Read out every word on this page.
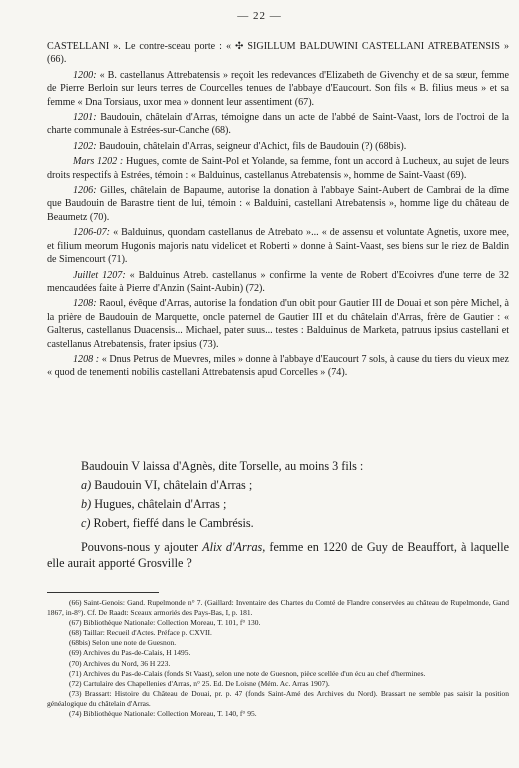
— 22 —

CASTELLANI ». Le contre-sceau porte : « ✣ SIGILLUM BALDUWINI CASTELLANI ATREBATENSIS » (66).

1200: « B. castellanus Attrebatensis » reçoit les redevances d'Elizabeth de Givenchy et de sa sœur, femme de Pierre Berloin sur leurs terres de Courcelles tenues de l'abbaye d'Eaucourt. Son fils « B. filius meus » et sa femme « Dna Torsiaus, uxor mea » donnent leur assentiment (67).

1201: Baudouin, châtelain d'Arras, témoigne dans un acte de l'abbé de Saint-Vaast, lors de l'octroi de la charte communale à Estrées-sur-Canche (68).

1202: Baudouin, châtelain d'Arras, seigneur d'Achict, fils de Baudouin (?) (68bis).

Mars 1202 : Hugues, comte de Saint-Pol et Yolande, sa femme, font un accord à Lucheux, au sujet de leurs droits respectifs à Estrées, témoin : « Balduinus, castellanus Atrebatensis », homme de Saint-Vaast (69).

1206: Gilles, châtelain de Bapaume, autorise la donation à l'abbaye Saint-Aubert de Cambrai de la dîme que Baudouin de Barastre tient de lui, témoin : « Balduini, castellani Atrebatensis », homme lige du château de Beaumetz (70).

1206-07: « Balduinus, quondam castellanus de Atrebato »... « de assensu et voluntate Agnetis, uxore mee, et filium meorum Hugonis majoris natu videlicet et Roberti » donne à Saint-Vaast, ses biens sur le riez de Baldin de Simencourt (71).

Juillet 1207: « Balduinus Atreb. castellanus » confirme la vente de Robert d'Ecoivres d'une terre de 32 mencaudées faite à Pierre d'Anzin (Saint-Aubin) (72).

1208: Raoul, évêque d'Arras, autorise la fondation d'un obit pour Gautier III de Douai et son père Michel, à la prière de Baudouin de Marquette, oncle paternel de Gautier III et du châtelain d'Arras, frère de Gautier : « Galterus, castellanus Duacensis... Michael, pater suus... testes : Balduinus de Marketa, patruus ipsius castellani et castellanus Atrebatensis, frater ipsius (73).

1208 : « Dnus Petrus de Muevres, miles » donne à l'abbaye d'Eaucourt 7 sols, à cause du tiers du vieux mez « quod de tenementi nobilis castellani Attrebatensis apud Corcelles » (74).

Baudouin V laissa d'Agnès, dite Torselle, au moins 3 fils :

a) Baudouin VI, châtelain d'Arras ;
b) Hugues, châtelain d'Arras ;
c) Robert, fieffé dans le Cambrésis.

Pouvons-nous y ajouter Alix d'Arras, femme en 1220 de Guy de Beauffort, à laquelle elle aurait apporté Grosville ?

(66) Saint-Genois: Gand. Rupelmonde n° 7. (Gaillard: Inventaire des Chartes du Comté de Flandre conservées au château de Rupelmonde, Gand 1867, in-8°). Cf. De Raadt: Sceaux armoriés des Pays-Bas, I, p. 181.

(67) Bibliothèque Nationale: Collection Moreau, T. 101, f° 130.

(68) Taillar: Recueil d'Actes. Préface p. CXVII.

(68bis) Selon une note de Guesnon.

(69) Archives du Pas-de-Calais, H 1495.

(70) Archives du Nord, 36 H 223.

(71) Archives du Pas-de-Calais (fonds St Vaast), selon une note de Guesnon, pièce scellée d'un écu au chef d'hermines.

(72) Cartulaire des Chapellenies d'Arras, n° 25. Ed. De Loisne (Mém. Ac. Arras 1907).

(73) Brassart: Histoire du Château de Douai, pr. p. 47 (fonds Saint-Amé des Archives du Nord). Brassart ne semble pas saisir la position généalogique du châtelain d'Arras.

(74) Bibliothèque Nationale: Collection Moreau, T. 140, f° 95.
